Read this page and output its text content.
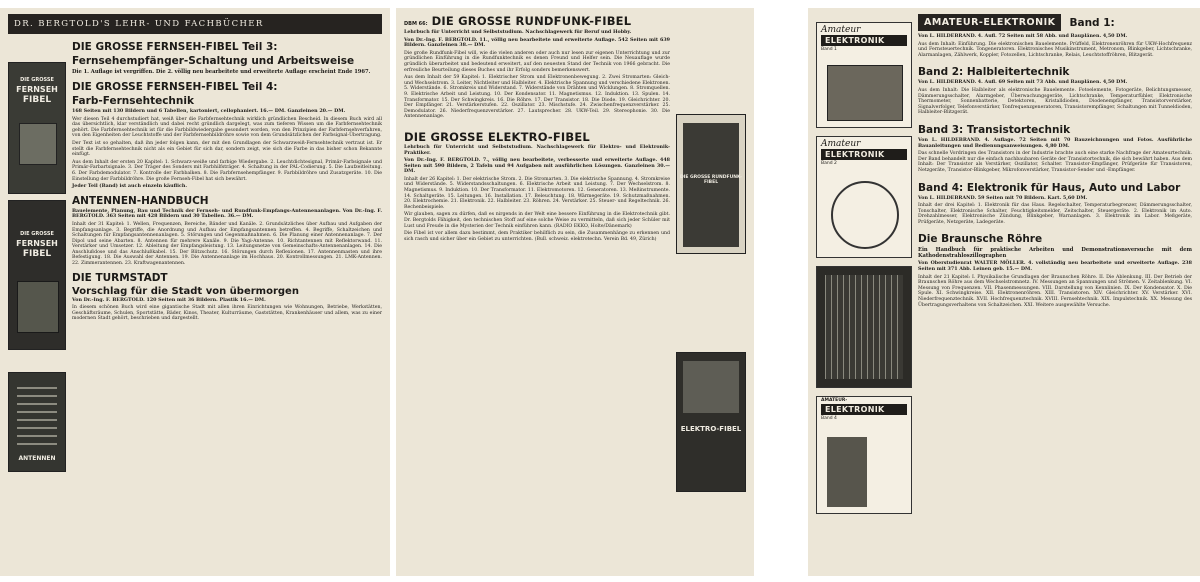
DR. BERGTOLD'S LEHR- UND FACHBÜCHER
DIE GROSSE
FERNSEH
FIBEL
DIE GROSSE
FERNSEH
FIBEL
ANTENNEN
DIE GROSSE FERNSEH-FIBEL Teil 3:
Fernsehempfänger-Schaltung und Arbeitsweise

Die 1. Auflage ist vergriffen. Die 2. völlig neu bearbeitete und erweiterte Auflage erscheint Ende 1967.

DIE GROSSE FERNSEH-FIBEL Teil 4:
Farb-Fernsehtechnik

168 Seiten mit 130 Bildern und 6 Tabellen, kartoniert, cellophaniert. 16.— DM. Ganzleinen 20.— DM.

Wer diesen Teil 4 durchstudiert hat, weiß über die Farbfernsehtechnik wirklich gründlichen Bescheid. In diesem Buch wird all das übersichtlich, klar verständlich und dabei recht gründlich dargelegt, was zum tieferen Wissen um die Farbfernsehtechnik gehört. Die Farbfernsehtechnik ist für die Farbbildwiedergabe gesondert worden, von den Prinzipien der Farbfernsehverfahren, von den Eigenheiten der Leuchtstoffe und der Farbfernsehbildröhre sowie von dem Grundsätzlichen der Farbsignal-Übertragung.

Der Text ist so gehalten, daß ihn jeder folgen kann, der mit den Grundlagen der Schwarzweiß-Fernsehtechnik vertraut ist. Er stellt die Farbfernsehtechnik nicht als ein Gebiet für sich dar, sondern zeigt, wie sich die Farbe in das bisher schon Bekannte einfügt.

Aus dem Inhalt der ersten 20 Kapitel: 1. Schwarz-weiße und farbige Wiedergabe. 2. Leuchtdichtesignal, Primär-Farbsignale und Primär-Farbartsignale. 3. Der Träger des Sonders mit Farbhilfsträger. 4. Schaltung in der PAL-Codierung. 5. Die Laufzeitleitung. 6. Der Farbdemodulator. 7. Kontrolle der Farbbalken. 8. Die Farbfernsehempfänger. 9. Farbbildröhre und Zusatzgeräte. 10. Die Einstellung der Farbbildröhre. Die große Fernseh-Fibel hat sich bewährt.

Jeder Teil (Band) ist auch einzeln käuflich.

ANTENNEN-HANDBUCH

Bauelemente, Planung, Bau und Technik der Fernseh- und Rundfunk-Empfangs-Antennenanlagen. Von Dr.-Ing. F. BERGTOLD. 363 Seiten mit 428 Bildern und 30 Tabellen. 36.— DM.

Inhalt der 31 Kapitel: 1. Wellen, Frequenzen, Bereiche, Bänder und Kanäle. 2. Grundsätzliches über Aufbau und Aufgaben der Empfangsanlage. 3. Begriffe, die Anordnung und Aufbau der Empfangsantennen betreffen. 4. Begriffe, Schaltzeichen und Schaltungen für Empfangsantennenanlagen. 5. Störungen und Gegenmaßnahmen. 6. Die Planung einer Antennenanlage. 7. Der Dipol und seine Abarten. 8. Antennen für mehrere Kanäle. 9. Die Yagi-Antenne. 10. Richtantennen mit Reflektorwand. 11. Verstärker und Umsetzer. 12. Ableitung der Empfangsleistung. 13. Leitungsnetze von Gemeinschafts-Antennenanlagen. 14. Die Anschlußdose und das Anschlußkabel. 15. Der Blitzschutz. 16. Störungen durch Reflexionen. 17. Antennenmasten und ihre Befestigung. 18. Die Auswahl der Antennen. 19. Die Antennenanlage im Hochhaus. 20. Kontrollmessungen. 21. LMK-Antennen. 22. Zimmerantennen. 23. Kraftwagenantennen.

DIE TURMSTADT
Vorschlag für die Stadt von übermorgen

Von Dr.-Ing. F. BERGTOLD. 120 Seiten mit 36 Bildern. Plastik 16.— DM.

In diesem schönen Buch wird eine gigantische Stadt mit allen ihren Einrichtungen wie Wohnungen, Betriebe, Werkstätten, Geschäftsräume, Schulen, Sportstätte, Bäder, Kinos, Theater, Kulturräume, Gaststätten, Krankenhäuser und allem, was zu einer modernen Stadt gehört, beschrieben und dargestellt.

DBM 66: DIE GROSSE RUNDFUNK-FIBEL

Lehrbuch für Unterricht und Selbststudium. Nachschlagewerk für Beruf und Hobby.

Von Dr.-Ing. F. BERGTOLD. 11., völlig neu bearbeitete und erweiterte Auflage. 542 Seiten mit 639 Bildern. Ganzleinen 38.— DM.

Die große Rundfunk-Fibel will, wie die vielen anderen oder auch nur lesen zur eigenen Unterrichtung und zur gründlichen Einführung in die Rundfunktechnik es denen Freund und Helfer sein. Die Neuauflage wurde gründlich überarbeitet und bedeutend erweitert, auf den neuesten Stand der Technik von 1966 gebracht. Die erfreuliche Beurteilung dieses Buches und ihr Erfolg sonders bemerkenswert.

Aus dem Inhalt der 59 Kapitel: 1. Elektrischer Strom und Elektronenbewegung. 2. Zwei Stromarten: Gleich- und Wechselstrom. 3. Leiter, Nichtleiter und Halbleiter. 4. Elektrische Spannung und verschiedene Elektronen. 5. Widerstände. 6. Stromkreis und Widerstand. 7. Widerstände von Drähten und Wicklungen. 8. Stromquellen. 9. Elektrische Arbeit und Leistung. 10. Der Kondensator. 11. Magnetismus. 12. Induktion. 13. Spulen. 14. Transformator. 15. Der Schwingkreis. 16. Die Röhre. 17. Der Transistor. 18. Die Diode. 19. Gleichrichter. 20. Der Empfänger. 21. Verstärkerstufen. 22. Oszillator. 23. Mischstufe. 24. Zwischenfrequenzverstärker. 25. Demodulator. 26. Niederfrequenzverstärker. 27. Lautsprecher. 28. UKW-Teil. 29. Stereophonie. 30. Die Antennenanlage.

DIE GROSSE ELEKTRO-FIBEL

Lehrbuch für Unterricht und Selbststudium. Nachschlagewerk für Elektro- und Elektronik-Praktiker.

Von Dr.-Ing. F. BERGTOLD. 7., völlig neu bearbeitete, verbesserte und erweiterte Auflage. 448 Seiten mit 590 Bildern, 2 Tafeln und 94 Aufgaben mit ausführlichen Lösungen. Ganzleinen 30.— DM.

Inhalt der 26 Kapitel: 1. Der elektrische Strom. 2. Die Stromarten. 3. Die elektrische Spannung. 4. Stromkreise und Widerstände. 5. Widerstandsschaltungen. 6. Elektrische Arbeit und Leistung. 7. Der Wechselstrom. 8. Magnetismus. 9. Induktion. 10. Der Transformator. 11. Elektromotoren. 12. Generatoren. 13. Meßinstrumente. 14. Schaltgeräte. 15. Leitungen. 16. Installation. 17. Beleuchtung. 18. Wärmegeräte. 19. Schutzmaßnahmen. 20. Elektrochemie. 21. Elektronik. 22. Halbleiter. 23. Röhren. 24. Verstärker. 25. Steuer- und Regeltechnik. 26. Rechenbeispiele.

Wir glauben, sagen zu dürfen, daß es nirgends in der Welt eine bessere Einführung in die Elektrotechnik gibt. Dr. Bergtolds Fähigkeit, den technischen Stoff auf eine solche Weise zu vermitteln, daß sich jeder Schüler mit Lust und Freude in die Mysterien der Technik einführen kann. (RADIO EKKO, Holte/Dänemark)

Die Fibel ist vor allem dazu bestimmt, dem Praktiker behilflich zu sein, die Zusammenhänge zu erkennen und sich rasch und sicher über ein Gebiet zu unterrichten. (Bull. schweiz. elektrotechn. Verein Bd. 49, Zürich)

DIE GROSSE RUNDFUNK-FIBEL
ELEKTRO-FIBEL
Amateur
ELEKTRONIK
Band 1
Amateur
ELEKTRONIK
Band 2
AMATEUR-
ELEKTRONIK
Band 4
AMATEUR-ELEKTRONIK	Band 1:

Von L. HILDEBRAND. 4. Aufl. 72 Seiten mit 58 Abb. und Bauplänen. 4,50 DM.

Aus dem Inhalt: Einführung. Die elektronischen Bauelemente. Prüffeld, Elektronenröhren für UKW-Hochfrequenz und Fernsteuertechnik. Tongeneratoren. Elektronisches Musikinstrument, Metronom, Blinkgeber, Lichtschranke, Alarmanlagen, Zählwerk, Koppler, Fotozellen, Lichtschranke, Relais, Leuchtstoffröhren, Blitzgerät.

Band 2: Halbleitertechnik

Von L. HILDEBRAND. 4. Aufl. 69 Seiten mit 73 Abb. und Bauplänen. 4,50 DM.

Aus dem Inhalt: Die Halbleiter als elektronische Bauelemente. Fotoelemente, Fotogeräte, Belichtungsmesser, Dämmerungsschalter, Alarmgeber, Überwachungsgeräte, Lichtschranke, Temperaturfühler, Elektronische Thermometer, Sonnenbatterie, Detektoren, Kristalldioden, Diodenempfänger, Transistorverstärker, Signalverfolger, Telefonverstärker, Tonfrequenzgeneratoren, Transistorempfänger, Schaltungen mit Tunneldioden, Halbleiter-Blitzgerät.

Band 3: Transistortechnik

Von L. HILDEBRAND. 4. Auflage. 72 Seiten mit 70 Bauzeichnungen und Fotos. Ausführliche Bauanleitungen und Bedienungsanweisungen. 4,80 DM.

Das schnelle Vordringen des Transistors in der Industrie brachte auch eine starke Nachfrage der Amateurtechnik. Der Band behandelt nur die einfach nachbaubaren Geräte der Transistortechnik, die sich bewährt haben. Aus dem Inhalt: Der Transistor als Verstärker, Oszillator, Schalter. Transistor-Empfänger, Prüfgeräte für Transistoren, Netzgeräte, Transistor-Blinkgeber, Mikrofonverstärker, Transistor-Sender und -Empfänger.

Band 4: Elektronik für Haus, Auto und Labor

Von L. HILDEBRAND. 59 Seiten mit 70 Bildern. Kart. 5,60 DM.

Inhalt der drei Kapitel: 1. Elektronik für das Haus. Regelschalter, Temperaturbegrenzer, Dämmerungsschalter, Tonschalter, Elektronische Schalter, Feuchtigkeitsmelder, Zeitschalter, Steuergeräte. 2. Elektronik im Auto. Drehzahlmesser, Elektronische Zündung, Blinkgeber, Warnanlagen. 3. Elektronik im Labor. Meßgeräte, Prüfgeräte, Netzgeräte, Ladegeräte.

Die Braunsche Röhre

Ein Handbuch für praktische Arbeiten und Demonstrationsversuche mit dem Kathodenstrahloszillographen

Von Oberstudienrat WALTER MÖLLER. 4. vollständig neu bearbeitete und erweiterte Auflage. 238 Seiten mit 371 Abb. Leinen geb. 15.— DM.

Inhalt der 21 Kapitel: I. Physikalische Grundlagen der Braunschen Röhre. II. Die Ablenkung. III. Der Betrieb der Braunschen Röhre aus dem Wechselstromnetz. IV. Messungen an Spannungen und Strömen. V. Zeitablenkung. VI. Messung von Frequenzen. VII. Phasenmessungen. VIII. Darstellung von Kennlinien. IX. Der Kondensator. X. Die Spule. XI. Schwingkreise. XII. Elektronenröhren. XIII. Transistoren. XIV. Gleichrichter. XV. Verstärker. XVI. Niederfrequenztechnik. XVII. Hochfrequenztechnik. XVIII. Fernsehtechnik. XIX. Impulstechnik. XX. Messung des Übertragungsverhaltens von Schaltzeichen. XXI. Weitere ausgewählte Versuche.
